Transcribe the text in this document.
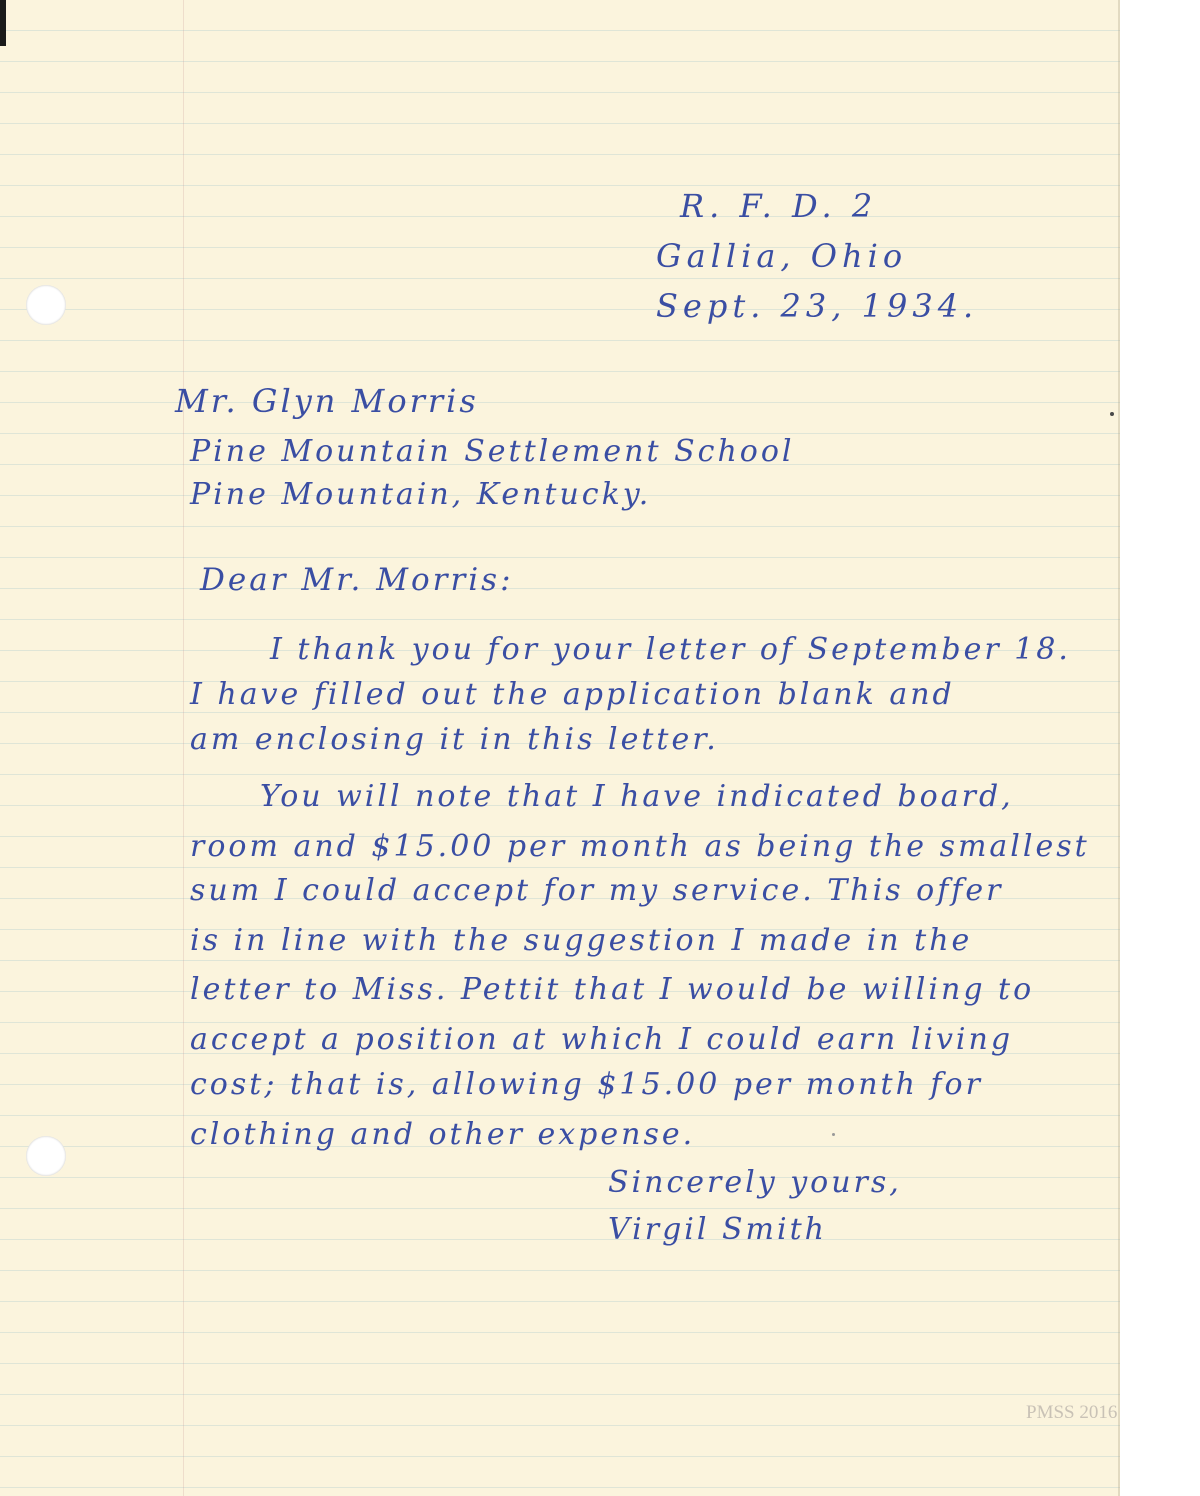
R. F. D. 2
Gallia, Ohio
Sept. 23, 1934.
Mr. Glyn Morris
Pine Mountain Settlement School
Pine Mountain, Kentucky.
Dear Mr. Morris:
I thank you for your letter of September 18.
I have filled out the application blank and
am enclosing it in this letter.
You will note that I have indicated board,
room and $15.00 per month as being the smallest
sum I could accept for my service. This offer
is in line with the suggestion I made in the
letter to Miss. Pettit that I would be willing to
accept a position at which I could earn living
cost; that is, allowing $15.00 per month for
clothing and other expense.
Sincerely yours,
Virgil Smith
PMSS 2016
